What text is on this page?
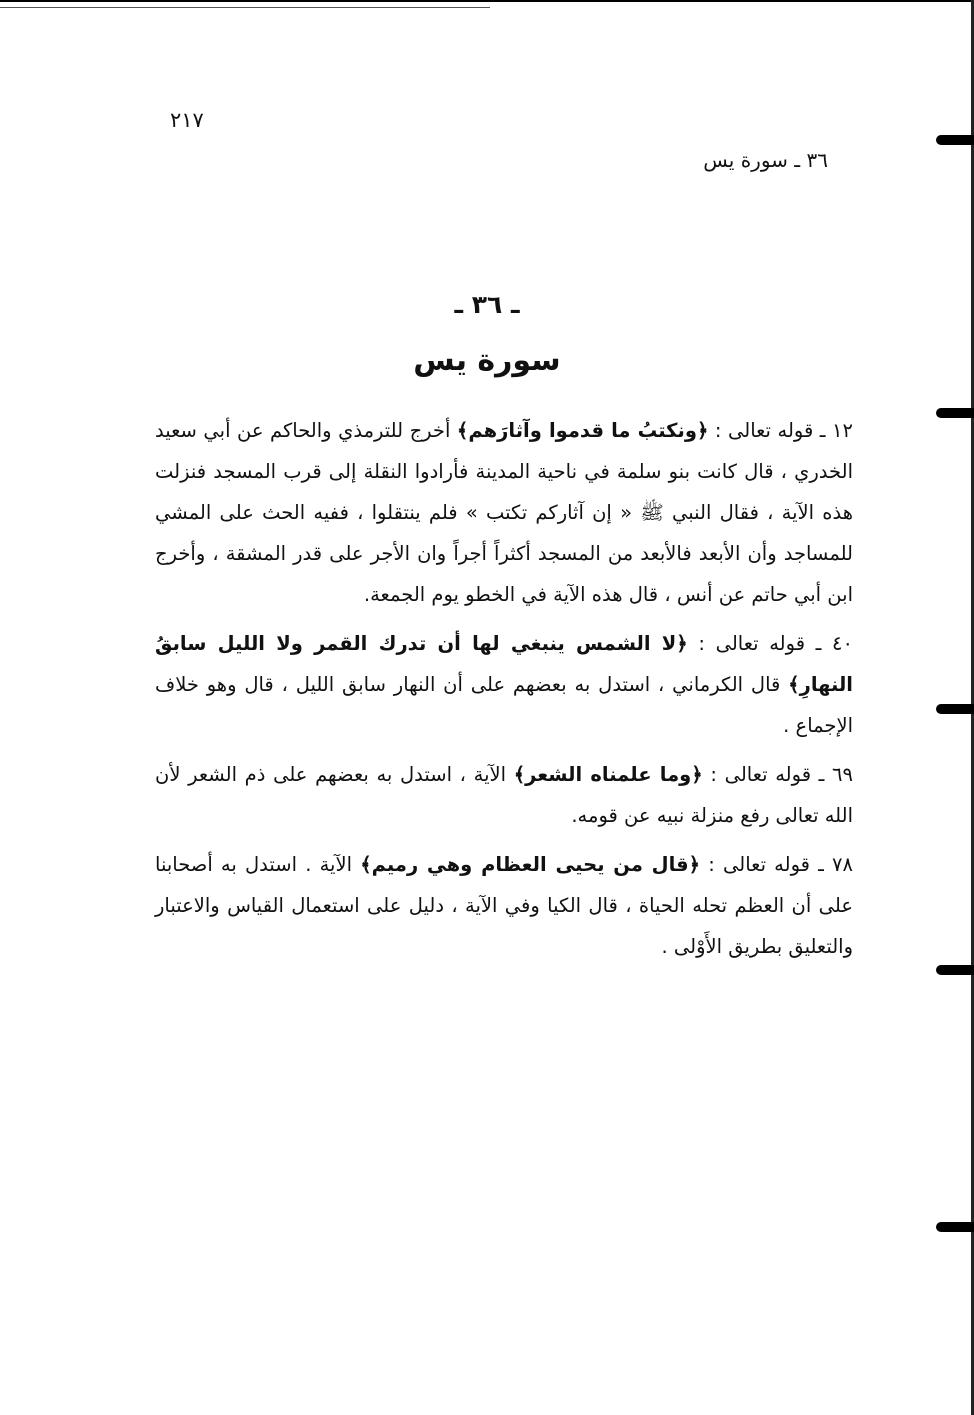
٢١٧
٣٦ ـ سورة يس
ـ ٣٦ ـ
سورة يس

١٢ ـ قوله تعالى : ﴿ونكتبُ ما قدموا وآثارَهم﴾ أخرج للترمذي والحاكم عن أبي سعيد الخدري ، قال كانت بنو سلمة في ناحية المدينة فأرادوا النقلة إلى قرب المسجد فنزلت هذه الآية ، فقال النبي ﷺ « إن آثاركم تكتب » فلم ينتقلوا ، ففيه الحث على المشي للمساجد وأن الأبعد فالأبعد من المسجد أكثراً أجراً وان الأجر على قدر المشقة ، وأخرج ابن أبي حاتم عن أنس ، قال هذه الآية في الخطو يوم الجمعة.

٤٠ ـ قوله تعالى : ﴿لا الشمس ينبغي لها أن تدرك القمر ولا الليل سابقُ النهارِ﴾ قال الكرماني ، استدل به بعضهم على أن النهار سابق الليل ، قال وهو خلاف الإجماع .

٦٩ ـ قوله تعالى : ﴿وما علمناه الشعر﴾ الآية ، استدل به بعضهم على ذم الشعر لأن الله تعالى رفع منزلة نبيه عن قومه.

٧٨ ـ قوله تعالى : ﴿قال من يحيى العظام وهي رميم﴾ الآية . استدل به أصحابنا على أن العظم تحله الحياة ، قال الكيا وفي الآية ، دليل على استعمال القياس والاعتبار والتعليق بطريق الأَوْلى .
